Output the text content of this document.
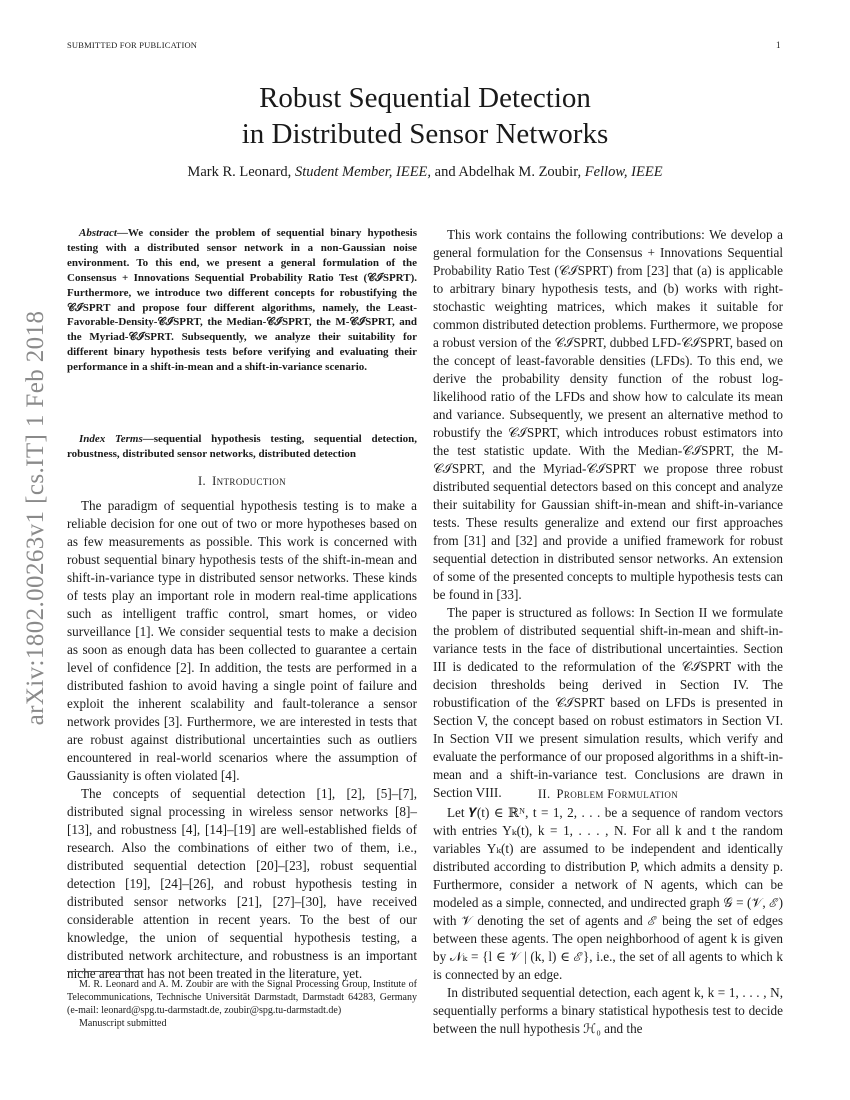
SUBMITTED FOR PUBLICATION	1
arXiv:1802.00263v1 [cs.IT] 1 Feb 2018
Robust Sequential Detection
in Distributed Sensor Networks
Mark R. Leonard, Student Member, IEEE, and Abdelhak M. Zoubir, Fellow, IEEE

Abstract—We consider the problem of sequential binary hypothesis testing with a distributed sensor network in a non-Gaussian noise environment. To this end, we present a general formulation of the Consensus + Innovations Sequential Probability Ratio Test (𝒞ℐSPRT). Furthermore, we introduce two different concepts for robustifying the 𝒞ℐSPRT and propose four different algorithms, namely, the Least-Favorable-Density-𝒞ℐSPRT, the Median-𝒞ℐSPRT, the M-𝒞ℐSPRT, and the Myriad-𝒞ℐSPRT. Subsequently, we analyze their suitability for different binary hypothesis tests before verifying and evaluating their performance in a shift-in-mean and a shift-in-variance scenario.

Index Terms—sequential hypothesis testing, sequential detection, robustness, distributed sensor networks, distributed detection

I. Introduction

The paradigm of sequential hypothesis testing is to make a reliable decision for one out of two or more hypotheses based on as few measurements as possible. This work is concerned with robust sequential binary hypothesis tests of the shift-in-mean and shift-in-variance type in distributed sensor networks. These kinds of tests play an important role in modern real-time applications such as intelligent traffic control, smart homes, or video surveillance [1]. We consider sequential tests to make a decision as soon as enough data has been collected to guarantee a certain level of confidence [2]. In addition, the tests are performed in a distributed fashion to avoid having a single point of failure and exploit the inherent scalability and fault-tolerance a sensor network provides [3]. Furthermore, we are interested in tests that are robust against distributional uncertainties such as outliers encountered in real-world scenarios where the assumption of Gaussianity is often violated [4].

The concepts of sequential detection [1], [2], [5]–[7], distributed signal processing in wireless sensor networks [8]–[13], and robustness [4], [14]–[19] are well-established fields of research. Also the combinations of either two of them, i.e., distributed sequential detection [20]–[23], robust sequential detection [19], [24]–[26], and robust hypothesis testing in distributed sensor networks [21], [27]–[30], have received considerable attention in recent years. To the best of our knowledge, the union of sequential hypothesis testing, a distributed network architecture, and robustness is an important niche area that has not been treated in the literature, yet.

M. R. Leonard and A. M. Zoubir are with the Signal Processing Group, Institute of Telecommunications, Technische Universität Darmstadt, Darmstadt 64283, Germany (e-mail: leonard@spg.tu-darmstadt.de, zoubir@spg.tu-darmstadt.de)

Manuscript submitted

This work contains the following contributions: We develop a general formulation for the Consensus + Innovations Sequential Probability Ratio Test (𝒞ℐSPRT) from [23] that (a) is applicable to arbitrary binary hypothesis tests, and (b) works with right-stochastic weighting matrices, which makes it suitable for common distributed detection problems. Furthermore, we propose a robust version of the 𝒞ℐSPRT, dubbed LFD-𝒞ℐSPRT, based on the concept of least-favorable densities (LFDs). To this end, we derive the probability density function of the robust log-likelihood ratio of the LFDs and show how to calculate its mean and variance. Subsequently, we present an alternative method to robustify the 𝒞ℐSPRT, which introduces robust estimators into the test statistic update. With the Median-𝒞ℐSPRT, the M-𝒞ℐSPRT, and the Myriad-𝒞ℐSPRT we propose three robust distributed sequential detectors based on this concept and analyze their suitability for Gaussian shift-in-mean and shift-in-variance tests. These results generalize and extend our first approaches from [31] and [32] and provide a unified framework for robust sequential detection in distributed sensor networks. An extension of some of the presented concepts to multiple hypothesis tests can be found in [33].

The paper is structured as follows: In Section II we formulate the problem of distributed sequential shift-in-mean and shift-in-variance tests in the face of distributional uncertainties. Section III is dedicated to the reformulation of the 𝒞ℐSPRT with the decision thresholds being derived in Section IV. The robustification of the 𝒞ℐSPRT based on LFDs is presented in Section V, the concept based on robust estimators in Section VI. In Section VII we present simulation results, which verify and evaluate the performance of our proposed algorithms in a shift-in-mean and a shift-in-variance test. Conclusions are drawn in Section VIII.	II. Problem Formulation

Let 𝒀(t) ∈ ℝᴺ, t = 1, 2, . . . be a sequence of random vectors with entries Yₖ(t), k = 1, . . . , N. For all k and t the random variables Yₖ(t) are assumed to be independent and identically distributed according to distribution P, which admits a density p. Furthermore, consider a network of N agents, which can be modeled as a simple, connected, and undirected graph 𝒢 = (𝒱, ℰ) with 𝒱 denoting the set of agents and ℰ being the set of edges between these agents. The open neighborhood of agent k is given by 𝒩ₖ = {l ∈ 𝒱 | (k, l) ∈ ℰ}, i.e., the set of all agents to which k is connected by an edge.

In distributed sequential detection, each agent k, k = 1, . . . , N, sequentially performs a binary statistical hypothesis test to decide between the null hypothesis ℋ₀ and the
